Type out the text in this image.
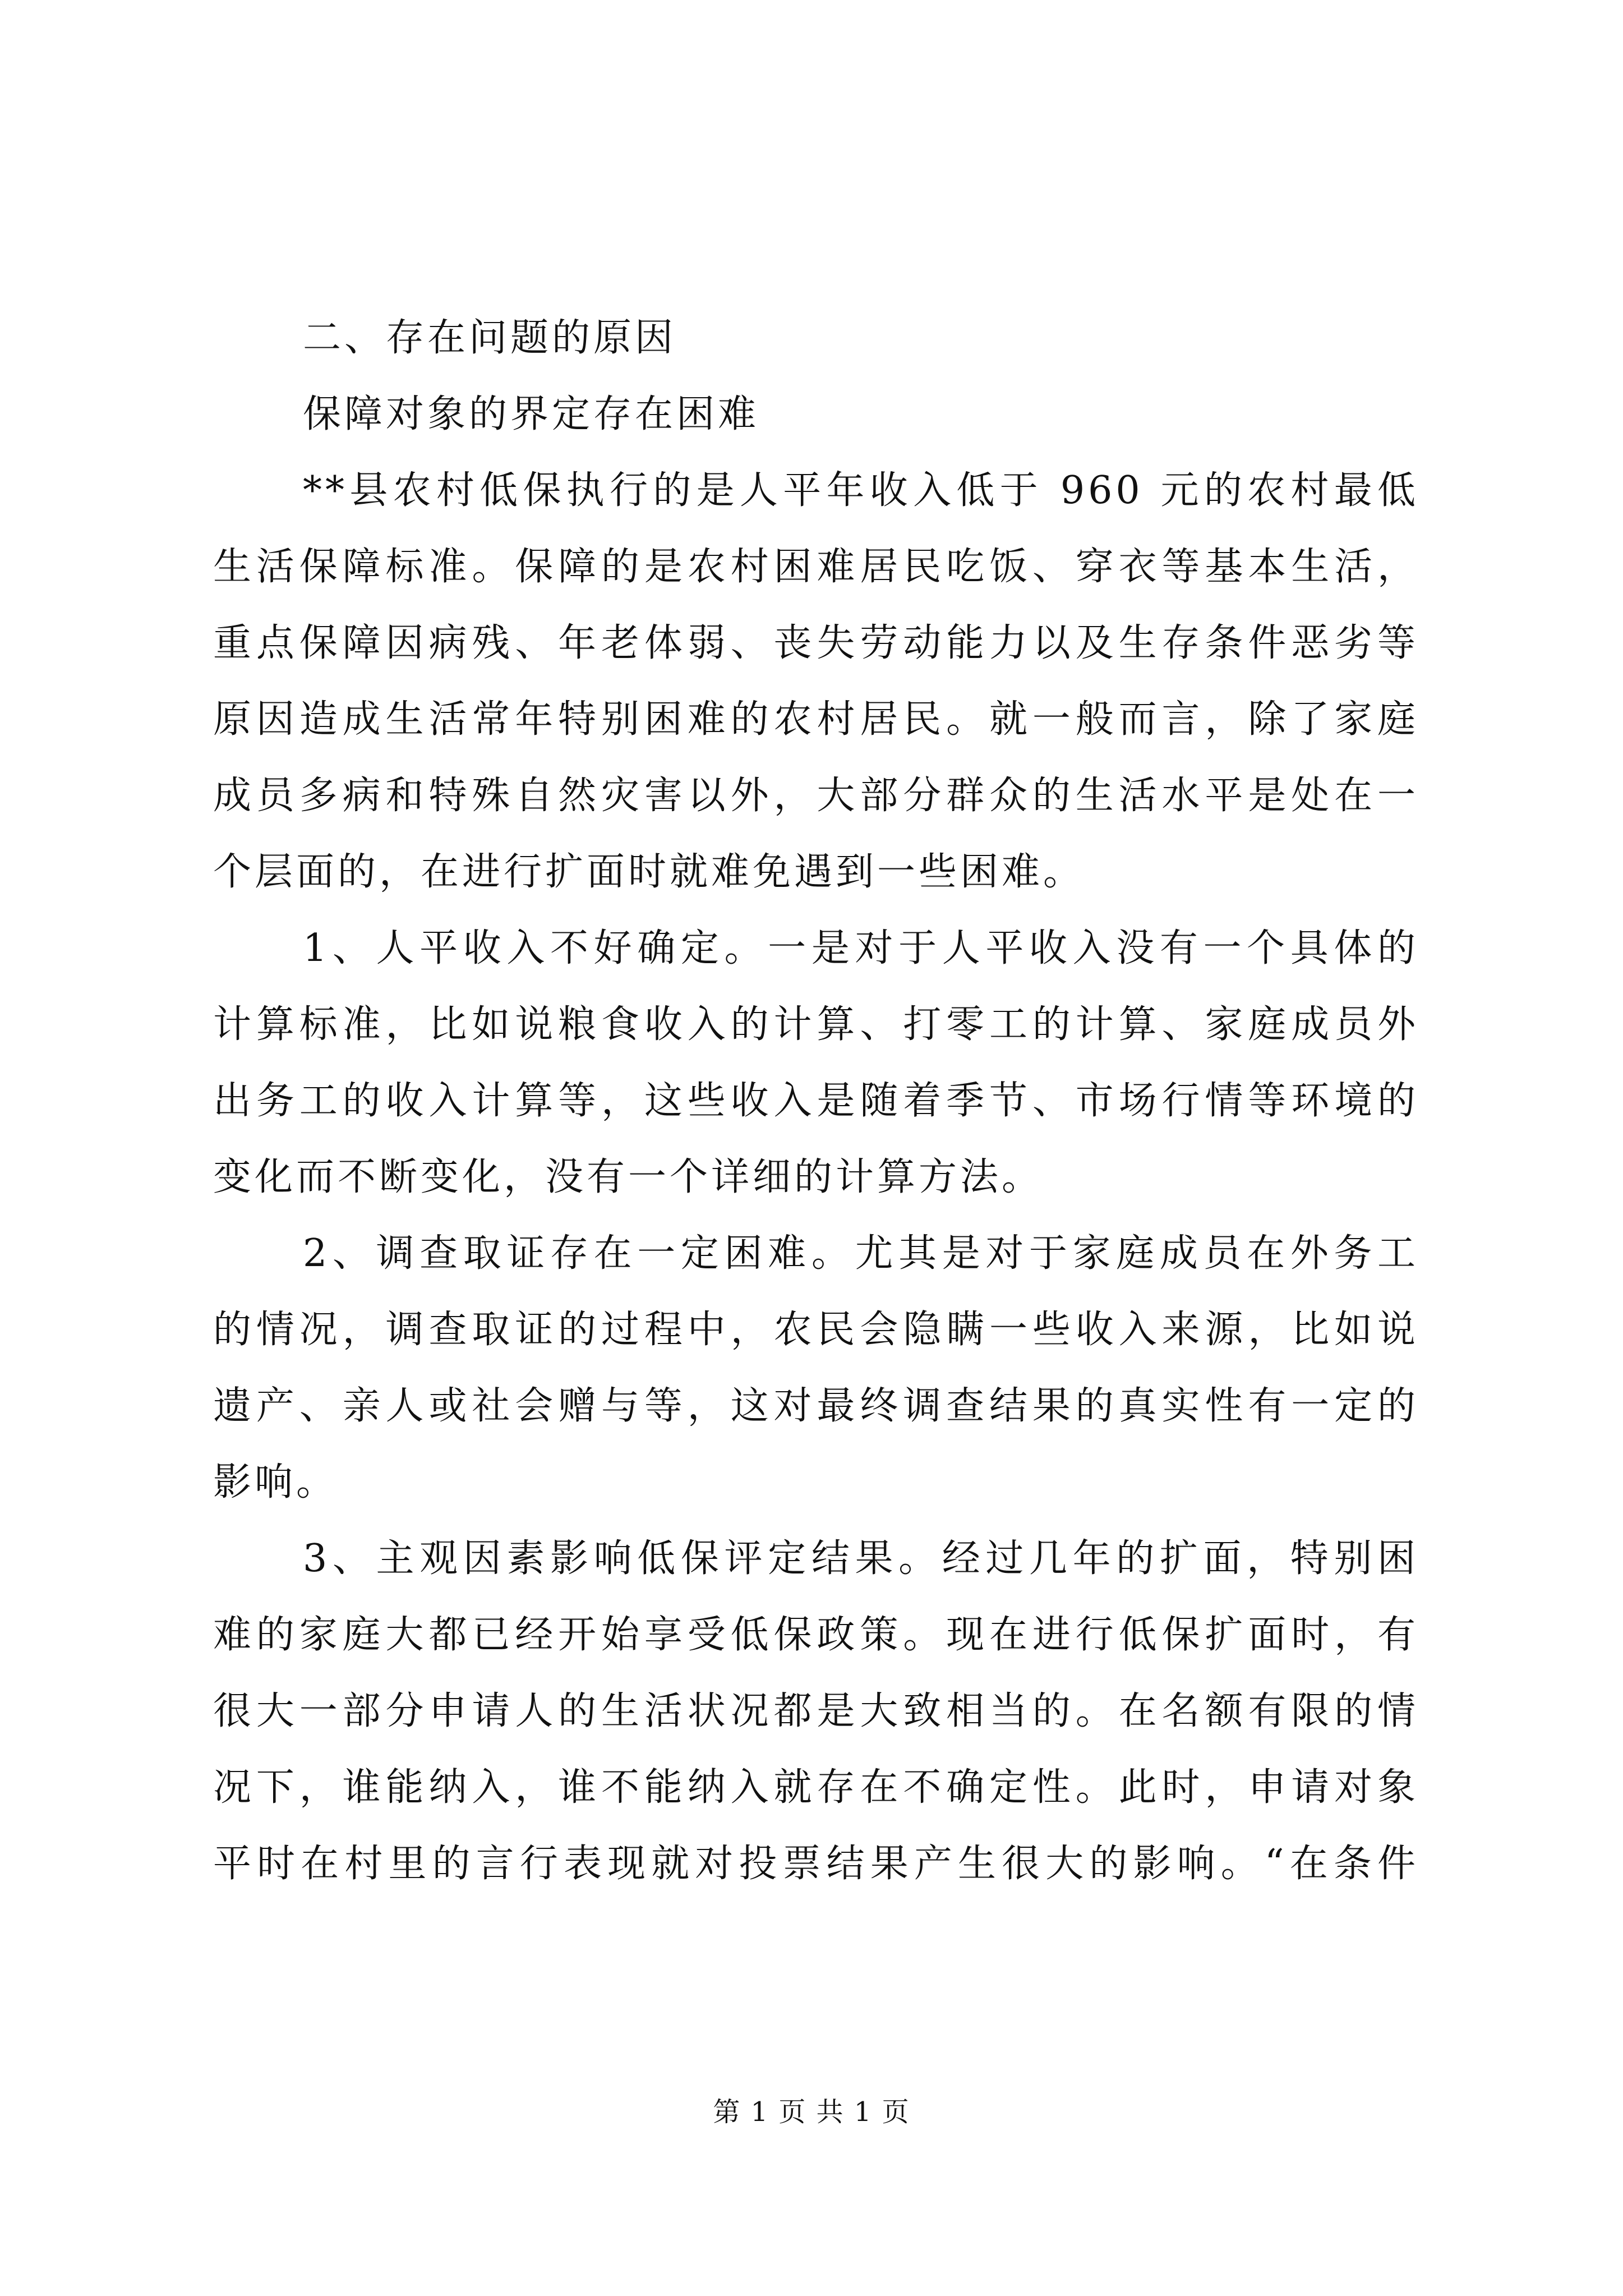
二、存在问题的原因
保障对象的界定存在困难
**县农村低保执行的是人平年收入低于 960 元的农村最低
生活保障标准。保障的是农村困难居民吃饭、穿衣等基本生活，
重点保障因病残、年老体弱、丧失劳动能力以及生存条件恶劣等
原因造成生活常年特别困难的农村居民。就一般而言，除了家庭
成员多病和特殊自然灾害以外，大部分群众的生活水平是处在一
个层面的，在进行扩面时就难免遇到一些困难。
1、人平收入不好确定。一是对于人平收入没有一个具体的
计算标准，比如说粮食收入的计算、打零工的计算、家庭成员外
出务工的收入计算等，这些收入是随着季节、市场行情等环境的
变化而不断变化，没有一个详细的计算方法。
2、调查取证存在一定困难。尤其是对于家庭成员在外务工
的情况，调查取证的过程中，农民会隐瞒一些收入来源，比如说
遗产、亲人或社会赠与等，这对最终调查结果的真实性有一定的
影响。
3、主观因素影响低保评定结果。经过几年的扩面，特别困
难的家庭大都已经开始享受低保政策。现在进行低保扩面时，有
很大一部分申请人的生活状况都是大致相当的。在名额有限的情
况下，谁能纳入，谁不能纳入就存在不确定性。此时，申请对象
平时在村里的言行表现就对投票结果产生很大的影响。“在条件
第 1 页 共 1 页
